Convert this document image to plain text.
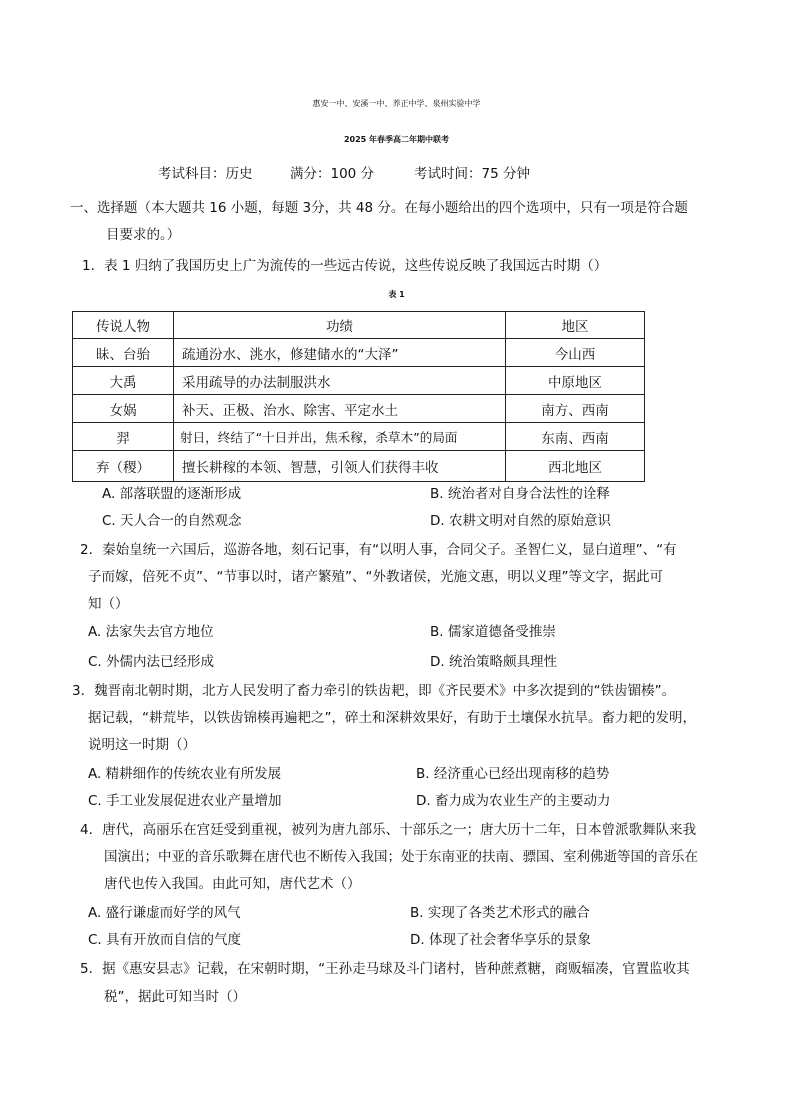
惠安一中、安溪一中、养正中学、泉州实验中学
2025 年春季高二年期中联考
考试科目：历史	满分：100 分	考试时间：75 分钟
一、选择题（本大题共 16 小题，每题 3分，共 48 分。在每小题给出的四个选项中，只有一项是符合题
目要求的。）
1．表 1 归纳了我国历史上广为流传的一些远古传说，这些传说反映了我国远古时期（）
表 1
传说人物	功绩	地区
昧、台骀	疏通汾水、洮水，修建储水的“大泽”	今山西
大禹	采用疏导的办法制服洪水	中原地区
女娲	补天、正极、治水、除害、平定水土	南方、西南
羿	射日，终结了“十日并出，焦禾稼，杀草木”的局面	东南、西南
弃（稷）	擅长耕稼的本领、智慧，引领人们获得丰收	西北地区
A. 部落联盟的逐渐形成	B. 统治者对自身合法性的诠释
C. 天人合一的自然观念	D. 农耕文明对自然的原始意识
2．秦始皇统一六国后，巡游各地，刻石记事，有“以明人事，合同父子。圣智仁义，显白道理”、“有
子而嫁，倍死不贞”、“节事以时，诸产繁殖”、“外教诸侯，光施文惠，明以义理”等文字，据此可
知（）
A. 法家失去官方地位	B. 儒家道德备受推崇
C. 外儒内法已经形成	D. 统治策略颇具理性
3．魏晋南北朝时期，北方人民发明了畜力牵引的铁齿耙，即《齐民要术》中多次提到的“铁齿镅楱”。
据记载，“耕荒毕，以铁齿锦楱再遍耙之”，碎土和深耕效果好，有助于土壤保水抗旱。畜力耙的发明，
说明这一时期（）
A. 精耕细作的传统农业有所发展	B. 经济重心已经出现南移的趋势
C. 手工业发展促进农业产量增加	D. 畜力成为农业生产的主要动力
4．唐代，高丽乐在宫廷受到重视，被列为唐九部乐、十部乐之一；唐大历十二年，日本曾派歌舞队来我
国演出；中亚的音乐歌舞在唐代也不断传入我国；处于东南亚的扶南、骠国、室利佛逝等国的音乐在
唐代也传入我国。由此可知，唐代艺术（）
A. 盛行谦虚而好学的风气	B. 实现了各类艺术形式的融合
C. 具有开放而自信的气度	D. 体现了社会奢华享乐的景象
5．据《惠安县志》记载，在宋朝时期，“王孙走马球及斗门诸村，皆种蔗煮糖，商贩辐凑，官置监收其
税”，据此可知当时（）
